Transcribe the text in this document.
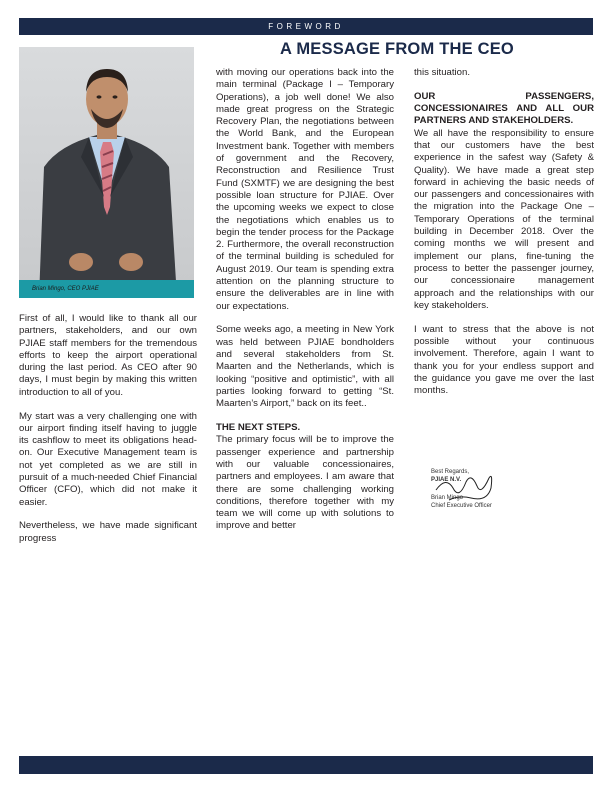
FOREWORD
Brian Mingo, CEO PJIAE
A MESSAGE FROM THE CEO

First of all, I would like to thank all our partners, stakeholders, and our own PJIAE staff members for the tremendous efforts to keep the airport operational during the last period. As CEO after 90 days, I must begin by making this written introduction to all of you.

My start was a very challenging one with our airport finding itself having to juggle its cashflow to meet its obligations head-on. Our Executive Management team is not yet completed as we are still in pursuit of a much-needed Chief Financial Officer (CFO), which did not make it easier.

Nevertheless, we have made significant progress

with moving our operations back into the main terminal (Package I – Temporary Operations), a job well done! We also made great progress on the Strategic Recovery Plan, the negotiations between the World Bank, and the European Investment bank. Together with members of government and the Recovery, Reconstruction and Resilience Trust Fund (SXMTF) we are designing the best possible loan structure for PJIAE. Over the upcoming weeks we expect to close the negotiations which enables us to begin the tender process for the Package 2. Furthermore, the overall reconstruction of the terminal building is scheduled for August 2019. Our team is spending extra attention on the planning structure to ensure the deliverables are in line with our expectations.

Some weeks ago, a meeting in New York was held between PJIAE bondholders and several stakeholders from St. Maarten and the Netherlands, which is looking “positive and optimistic”, with all parties looking forward to getting “St. Maarten’s Airport,” back on its feet..

THE NEXT STEPS.

The primary focus will be to improve the passenger experience and partnership with our valuable concessionaires, partners and employees. I am aware that there are some challenging working conditions, therefore together with my team we will come up with solutions to improve and better

this situation.

OUR PASSENGERS, CONCESSIONAIRES AND ALL OUR PARTNERS AND STAKEHOLDERS.

We all have the responsibility to ensure that our customers have the best experience in the safest way (Safety & Quality). We have made a great step forward in achieving the basic needs of our passengers and concessionaires with the migration into the Package One – Temporary Operations of the terminal building in December 2018. Over the coming months we will present and implement our plans, fine-tuning the process to better the passenger journey, our concessionaire management approach and the relationships with our key stakeholders.

I want to stress that the above is not possible without your continuous involvement. Therefore, again I want to thank you for your endless support and the guidance you gave me over the last months.

Best Regards,
PJIAE N.V.
Brian Mingo
Chief Executive Officer
